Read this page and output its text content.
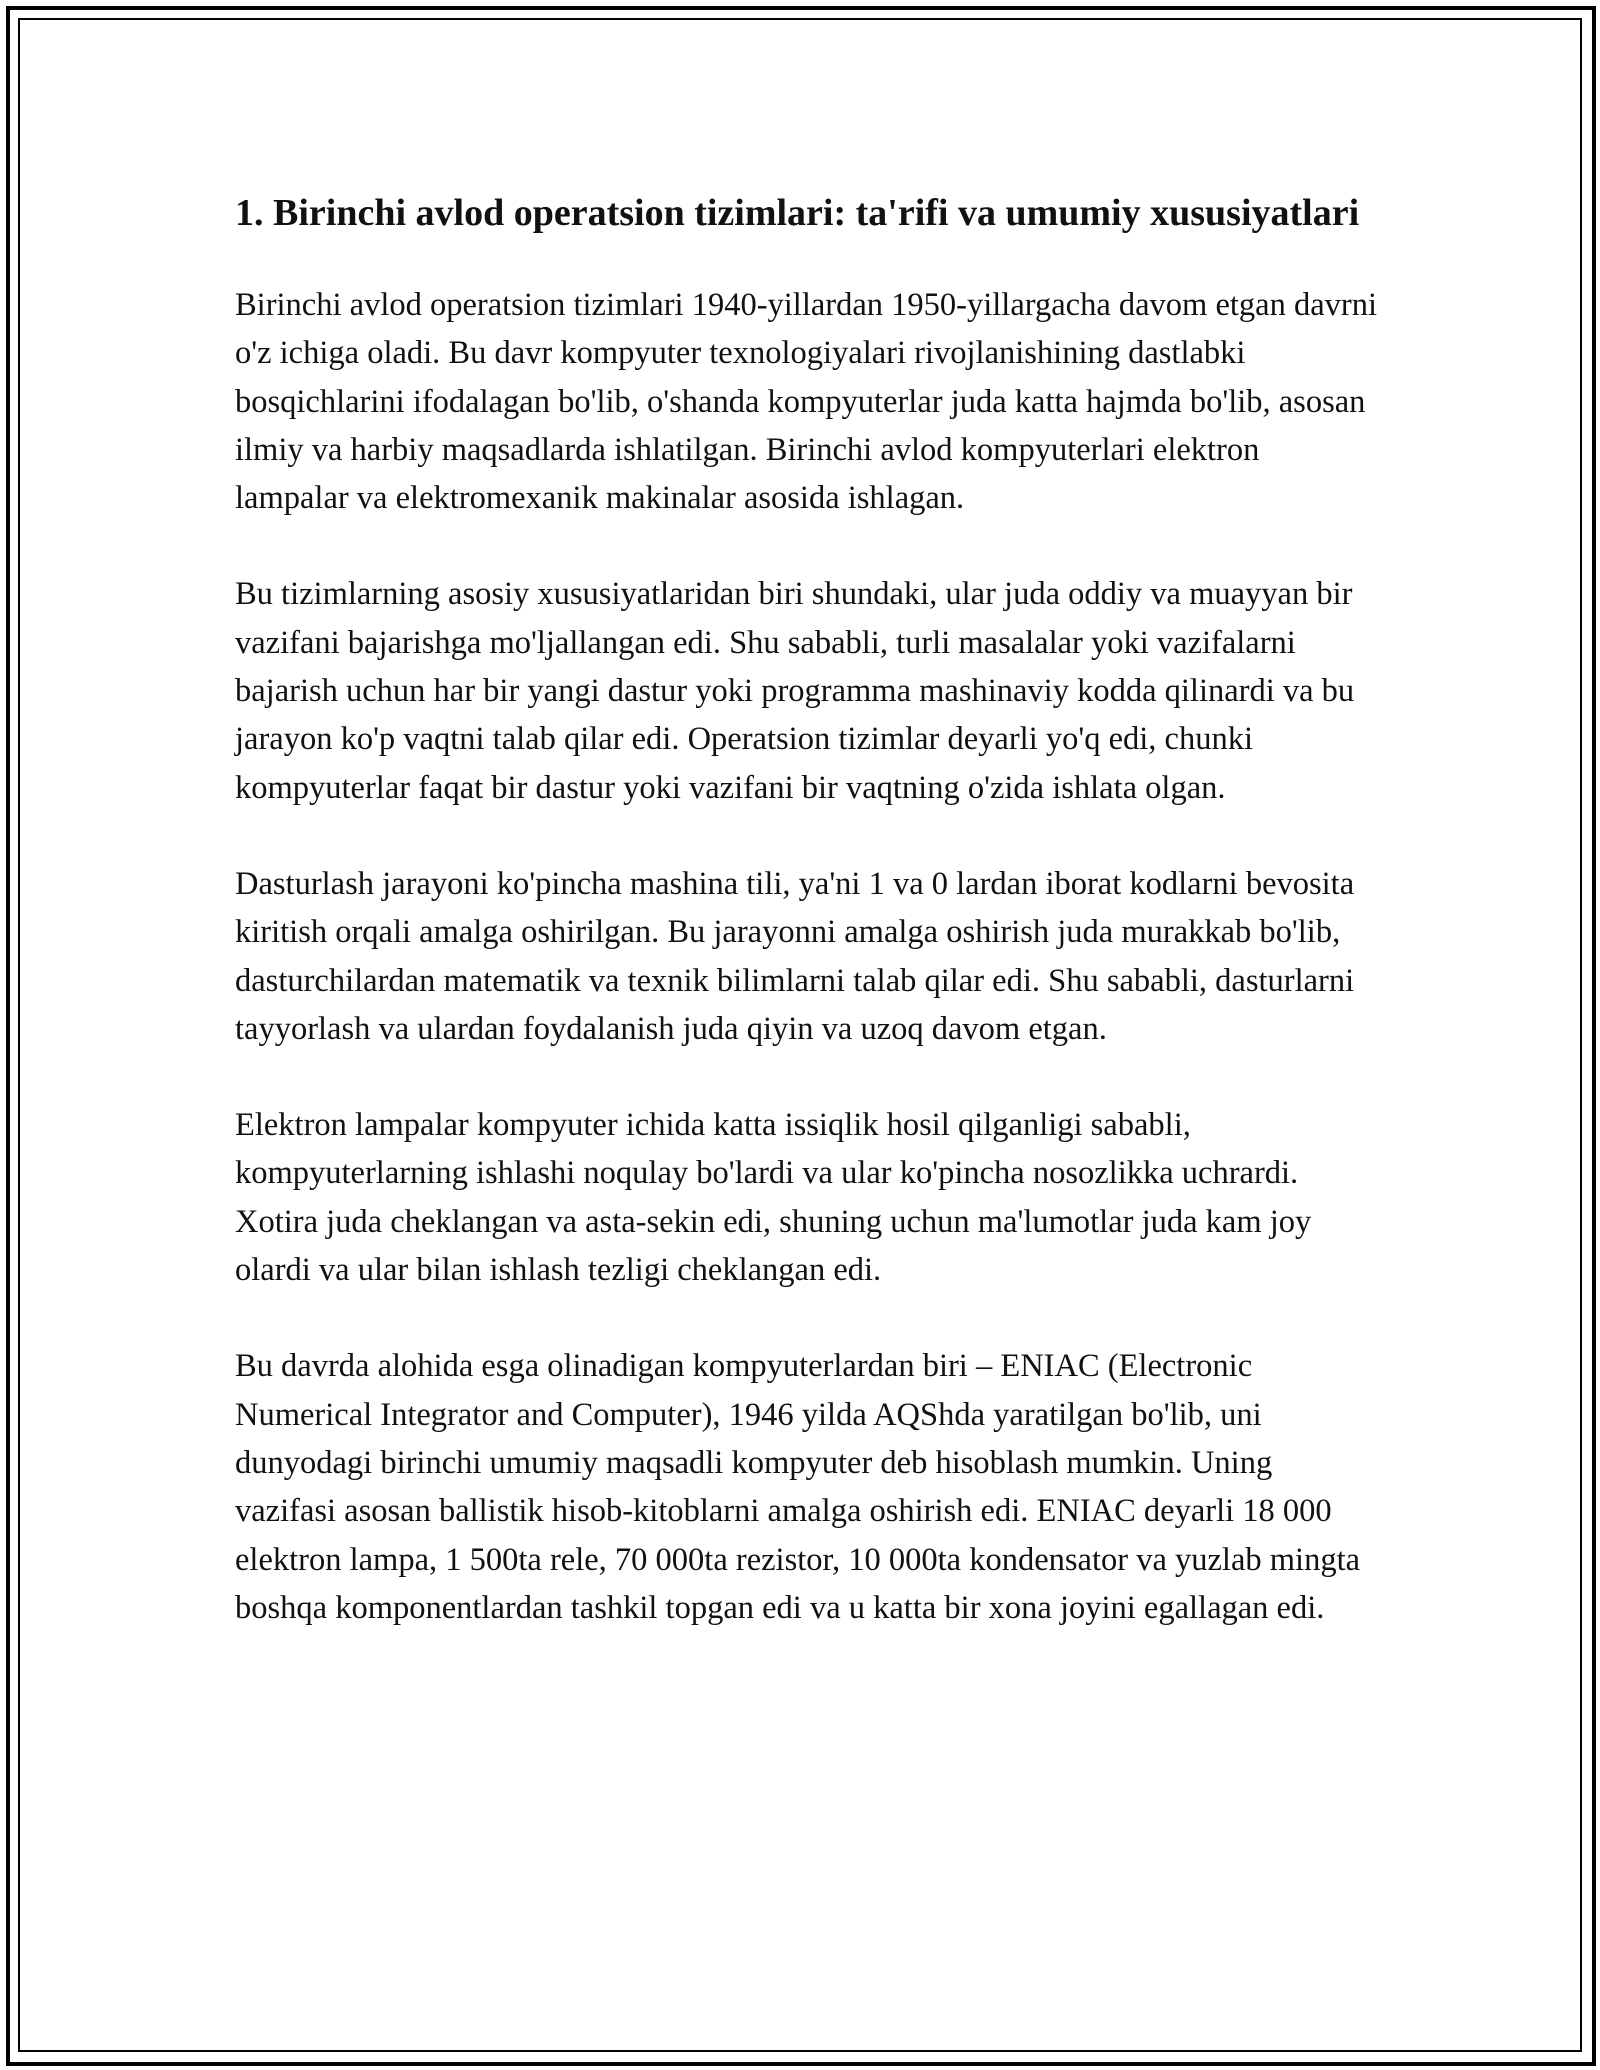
1. Birinchi avlod operatsion tizimlari: ta'rifi va umumiy xususiyatlari

Birinchi avlod operatsion tizimlari 1940-yillardan 1950-yillargacha davom etgan davrni o'z ichiga oladi. Bu davr kompyuter texnologiyalari rivojlanishining dastlabki bosqichlarini ifodalagan bo'lib, o'shanda kompyuterlar juda katta hajmda bo'lib, asosan ilmiy va harbiy maqsadlarda ishlatilgan. Birinchi avlod kompyuterlari elektron lampalar va elektromexanik makinalar asosida ishlagan.

Bu tizimlarning asosiy xususiyatlaridan biri shundaki, ular juda oddiy va muayyan bir vazifani bajarishga mo'ljallangan edi. Shu sababli, turli masalalar yoki vazifalarni bajarish uchun har bir yangi dastur yoki programma mashinaviy kodda qilinardi va bu jarayon ko'p vaqtni talab qilar edi. Operatsion tizimlar deyarli yo'q edi, chunki kompyuterlar faqat bir dastur yoki vazifani bir vaqtning o'zida ishlata olgan.

Dasturlash jarayoni ko'pincha mashina tili, ya'ni 1 va 0 lardan iborat kodlarni bevosita kiritish orqali amalga oshirilgan. Bu jarayonni amalga oshirish juda murakkab bo'lib, dasturchilardan matematik va texnik bilimlarni talab qilar edi. Shu sababli, dasturlarni tayyorlash va ulardan foydalanish juda qiyin va uzoq davom etgan.

Elektron lampalar kompyuter ichida katta issiqlik hosil qilganligi sababli, kompyuterlarning ishlashi noqulay bo'lardi va ular ko'pincha nosozlikka uchrardi. Xotira juda cheklangan va asta-sekin edi, shuning uchun ma'lumotlar juda kam joy olardi va ular bilan ishlash tezligi cheklangan edi.

Bu davrda alohida esga olinadigan kompyuterlardan biri – ENIAC (Electronic Numerical Integrator and Computer), 1946 yilda AQShda yaratilgan bo'lib, uni dunyodagi birinchi umumiy maqsadli kompyuter deb hisoblash mumkin. Uning vazifasi asosan ballistik hisob-kitoblarni amalga oshirish edi. ENIAC deyarli 18 000 elektron lampa, 1 500ta rele, 70 000ta rezistor, 10 000ta kondensator va yuzlab mingta boshqa komponentlardan tashkil topgan edi va u katta bir xona joyini egallagan edi.
